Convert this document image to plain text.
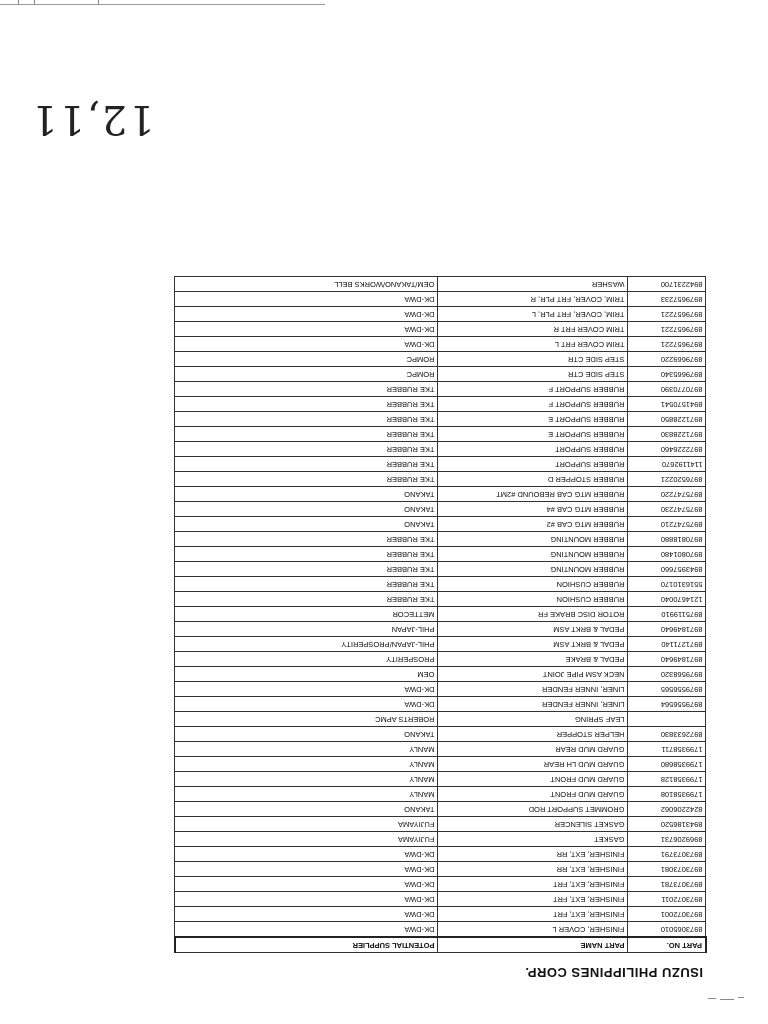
12,11
ISUZU PHILIPPINES CORP.
PART NO.	PART NAME	POTENTIAL SUPPLIER
8973065010	FINISHER, COVER L	DK-DWA
8973072001	FINISHER, EXT, FRT	DK-DWA
8973072011	FINISHER, EXT, FRT	DK-DWA
8973073781	FINISHER, EXT, FRT	DK-DWA
8973073081	FINISHER, EXT, RR	DK-DWA
8973073791	FINISHER, EXT, RR	DK-DWA
8969206731	GASKET	FUJIYAMA
8943186520	GASKET SILENCER	FUJIYAMA
8242206062	GROMMET SUPPORT ROD	TAKANO
1799358108	GUARD MUD FRONT	MANLY
1799358128	GUARD MUD FRONT	MANLY
1799358680	GUARD MUD LH REAR	MANLY
1799358711	GUARD MUD REAR	MANLY
8972633830	HELPER STOPPER	TAKANO
	LEAF SPRING	ROBERTS APMC
8979556564	LINER, INNER FENDER	DK-DWA
8979556565	LINER, INNER FENDER	DK-DWA
8979568320	NECK ASM PIPE JOINT	OEM
8971849640	PEDAL & BRAKE	PROSPERITY
8971271140	PEDAL & BRKT ASM	PHIL-JAPAN/PROSPERITY
8971849640	PEDAL & BRKT ASM	PHIL-JAPAN
8975119910	ROTOR DISC BRAKE FR	METTECOR
1214670040	RUBBER CUSHION	TKE RUBBER
5516310170	RUBBER CUSHION	TKE RUBBER
8943957660	RUBBER MOUNTING	TKE RUBBER
8970801480	RUBBER MOUNTING	TKE RUBBER
8970818880	RUBBER MOUNTING	TKE RUBBER
8975747210	RUBBER MTG CAB #2	TAKANO
8975747230	RUBBER MTG CAB #4	TAKANO
8975747220	RUBBER MTG CAB REBOUND #2MT	TAKANO
8976520221	RUBBER STOPPER D	TKE RUBBER
1141192670	RUBBER SUPPORT	TKE RUBBER
8972226460	RUBBER SUPPORT	TKE RUBBER
8971228830	RUBBER SUPPORT E	TKE RUBBER
8971228850	RUBBER SUPPORT E	TKE RUBBER
8941570541	RUBBER SUPPORT F	TKE RUBBER
8970770390	RUBBER SUPPORT F	TKE RUBBER
8979665340	STEP SIDE CTR	ROMPC
8979669220	STEP SIDE CTR	ROMPC
8979657221	TRIM COVER FRT L	DK-DWA
8979657221	TRIM COVER FRT R	DK-DWA
8979657221	TRIM, COVER, FRT PLR, L	DK-DWA
8979657233	TRIM, COVER, FRT PLR, R	DK-DWA
8942231700	WASHER	OEM/TAKANO/WORKS BELL
